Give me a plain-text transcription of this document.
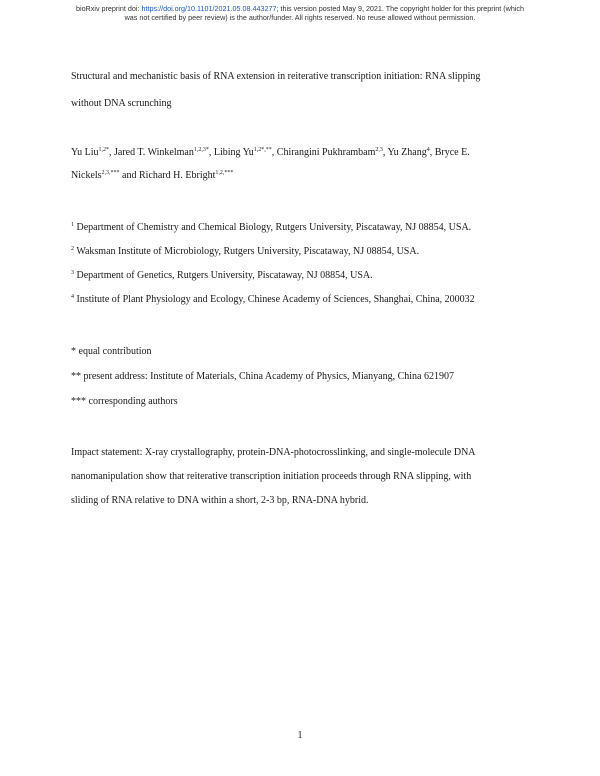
bioRxiv preprint doi: https://doi.org/10.1101/2021.05.08.443277; this version posted May 9, 2021. The copyright holder for this preprint (which
was not certified by peer review) is the author/funder. All rights reserved. No reuse allowed without permission.
Structural and mechanistic basis of RNA extension in reiterative transcription initiation: RNA slipping
without DNA scrunching
Yu Liu$^{1,2*}$, Jared T. Winkelman$^{1,2,3*}$, Libing $Yu^{1,2*,**}$, Chirangini Pukhrambam$^{2,3}$, Yu Zhang$^4$, Bryce E.
Nickels$^{2,3,***}$ and Richard H. Ebright$^{1,2,***}$
$^1$ Department of Chemistry and Chemical Biology, Rutgers University, Piscataway, NJ 08854, USA.
$^2$ Waksman Institute of Microbiology, Rutgers University, Piscataway, NJ 08854, USA.
$^3$ Department of Genetics, Rutgers University, Piscataway, NJ 08854, USA.
$^4$ Institute of Plant Physiology and Ecology, Chinese Academy of Sciences, Shanghai, China, 200032
* equal contribution
** present address: Institute of Materials, China Academy of Physics, Mianyang, China 621907
*** corresponding authors
Impact statement: X-ray crystallography, protein-DNA-photocrosslinking, and single-molecule DNA
nanomanipulation show that reiterative transcription initiation proceeds through RNA slipping, with
sliding of RNA relative to DNA within a short, 2-3 bp, RNA-DNA hybrid.
1
